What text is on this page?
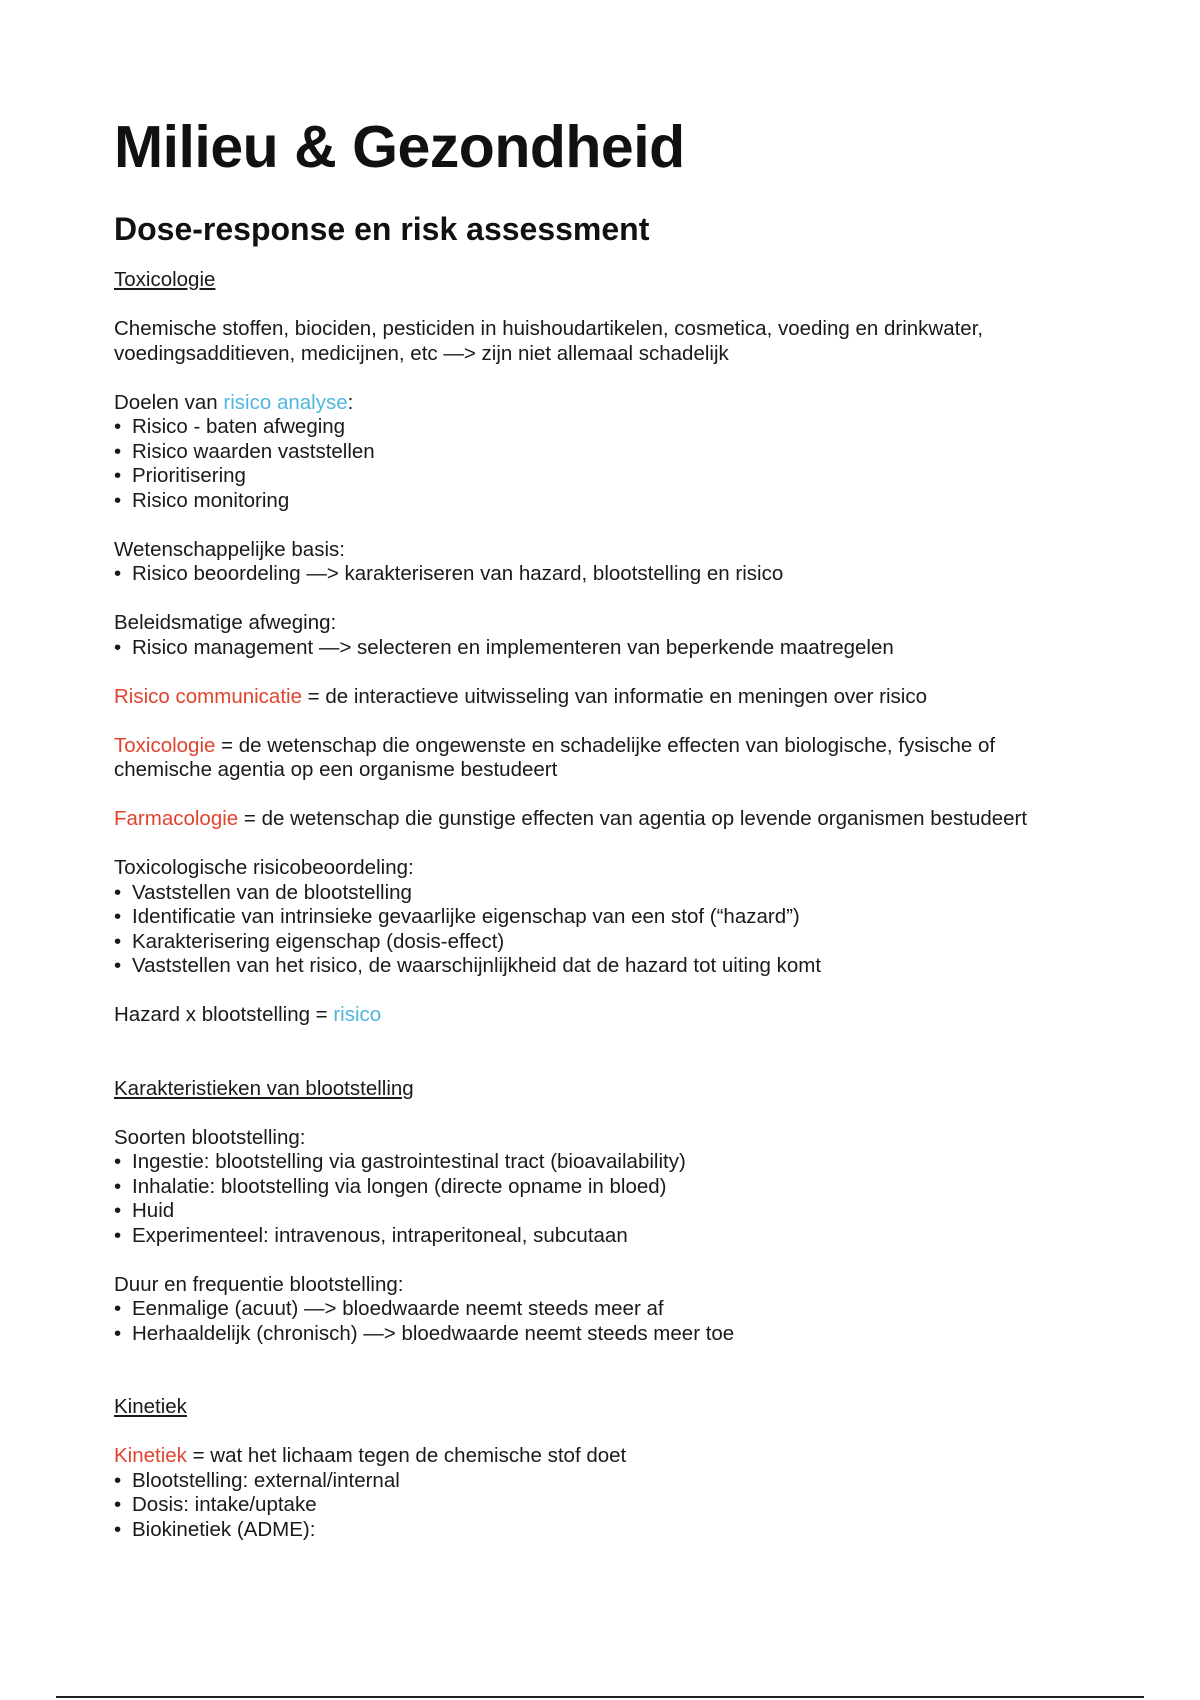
Milieu & Gezondheid
Dose-response en risk assessment
Toxicologie
Chemische stoffen, biociden, pesticiden in huishoudartikelen, cosmetica, voeding en drinkwater, voedingsadditieven, medicijnen, etc —> zijn niet allemaal schadelijk
Doelen van risico analyse:
• Risico - baten afweging
• Risico waarden vaststellen
• Prioritisering
• Risico monitoring
Wetenschappelijke basis:
• Risico beoordeling —> karakteriseren van hazard, blootstelling en risico
Beleidsmatige afweging:
• Risico management —> selecteren en implementeren van beperkende maatregelen
Risico communicatie = de interactieve uitwisseling van informatie en meningen over risico
Toxicologie = de wetenschap die ongewenste en schadelijke effecten van biologische, fysische of chemische agentia op een organisme bestudeert
Farmacologie = de wetenschap die gunstige effecten van agentia op levende organismen bestudeert
Toxicologische risicobeoordeling:
• Vaststellen van de blootstelling
• Identificatie van intrinsieke gevaarlijke eigenschap van een stof (“hazard”)
• Karakterisering eigenschap (dosis-effect)
• Vaststellen van het risico, de waarschijnlijkheid dat de hazard tot uiting komt
Hazard x blootstelling = risico
Karakteristieken van blootstelling
Soorten blootstelling:
• Ingestie: blootstelling via gastrointestinal tract (bioavailability)
• Inhalatie: blootstelling via longen (directe opname in bloed)
• Huid
• Experimenteel: intravenous, intraperitoneal, subcutaan
Duur en frequentie blootstelling:
• Eenmalige (acuut) —> bloedwaarde neemt steeds meer af
• Herhaaldelijk (chronisch) —> bloedwaarde neemt steeds meer toe
Kinetiek
Kinetiek = wat het lichaam tegen de chemische stof doet
• Blootstelling: external/internal
• Dosis: intake/uptake
• Biokinetiek (ADME):
